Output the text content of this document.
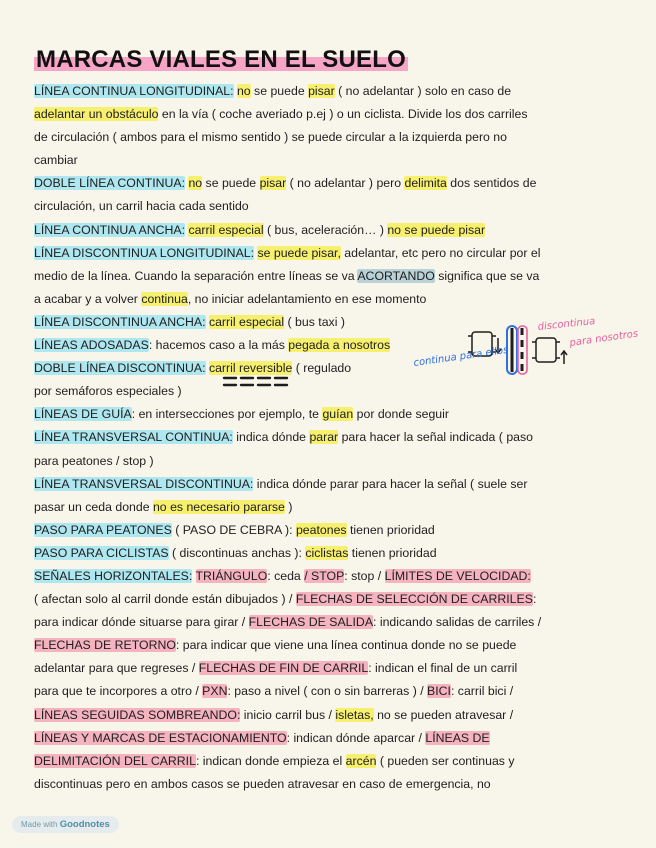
MARCAS VIALES EN EL SUELO

LÍNEA CONTINUA LONGITUDINAL: no se puede pisar ( no adelantar ) solo en caso de

adelantar un obstáculo en la vía ( coche averiado p.ej ) o un ciclista. Divide los dos carriles

de circulación ( ambos para el mismo sentido ) se puede circular a la izquierda pero no

cambiar

DOBLE LÍNEA CONTINUA: no se puede pisar ( no adelantar ) pero delimita dos sentidos de

circulación, un carril hacia cada sentido

LÍNEA CONTINUA ANCHA: carril especial ( bus, aceleración… ) no se puede pisar

LÍNEA DISCONTINUA LONGITUDINAL: se puede pisar, adelantar, etc pero no circular por el

medio de la línea. Cuando la separación entre líneas se va ACORTANDO significa que se va

a acabar y a volver continua, no iniciar adelantamiento en ese momento

LÍNEA DISCONTINUA ANCHA: carril especial ( bus taxi )

LÍNEAS ADOSADAS: hacemos caso a la más pegada a nosotros

DOBLE LÍNEA DISCONTINUA: carril reversible ( regulado

por semáforos especiales )

LÍNEAS DE GUÍA: en intersecciones por ejemplo, te guían por donde seguir

LÍNEA TRANSVERSAL CONTINUA: indica dónde parar para hacer la señal indicada ( paso

para peatones / stop )

LÍNEA TRANSVERSAL DISCONTINUA: indica dónde parar para hacer la señal ( suele ser

pasar un ceda donde no es necesario pararse )

PASO PARA PEATONES ( PASO DE CEBRA ): peatones tienen prioridad

PASO PARA CICLISTAS ( discontinuas anchas ): ciclistas tienen prioridad

SEÑALES HORIZONTALES: TRIÁNGULO: ceda / STOP: stop / LÍMITES DE VELOCIDAD:

( afectan solo al carril donde están dibujados ) / FLECHAS DE SELECCIÓN DE CARRILES:

para indicar dónde situarse para girar / FLECHAS DE SALIDA: indicando salidas de carriles /

FLECHAS DE RETORNO: para indicar que viene una línea continua donde no se puede

adelantar para que regreses / FLECHAS DE FIN DE CARRIL: indican el final de un carril

para que te incorpores a otro / PXN: paso a nivel ( con o sin barreras ) / BICI: carril bici /

LÍNEAS SEGUIDAS SOMBREANDO: inicio carril bus / isletas, no se pueden atravesar /

LÍNEAS Y MARCAS DE ESTACIONAMIENTO: indican dónde aparcar / LÍNEAS DE

DELIMITACIÓN DEL CARRIL: indican donde empieza el arcén ( pueden ser continuas y

discontinuas pero en ambos casos se pueden atravesar en caso de emergencia, no

continua para ellos
discontinua
para nosotros
Made with Goodnotes
